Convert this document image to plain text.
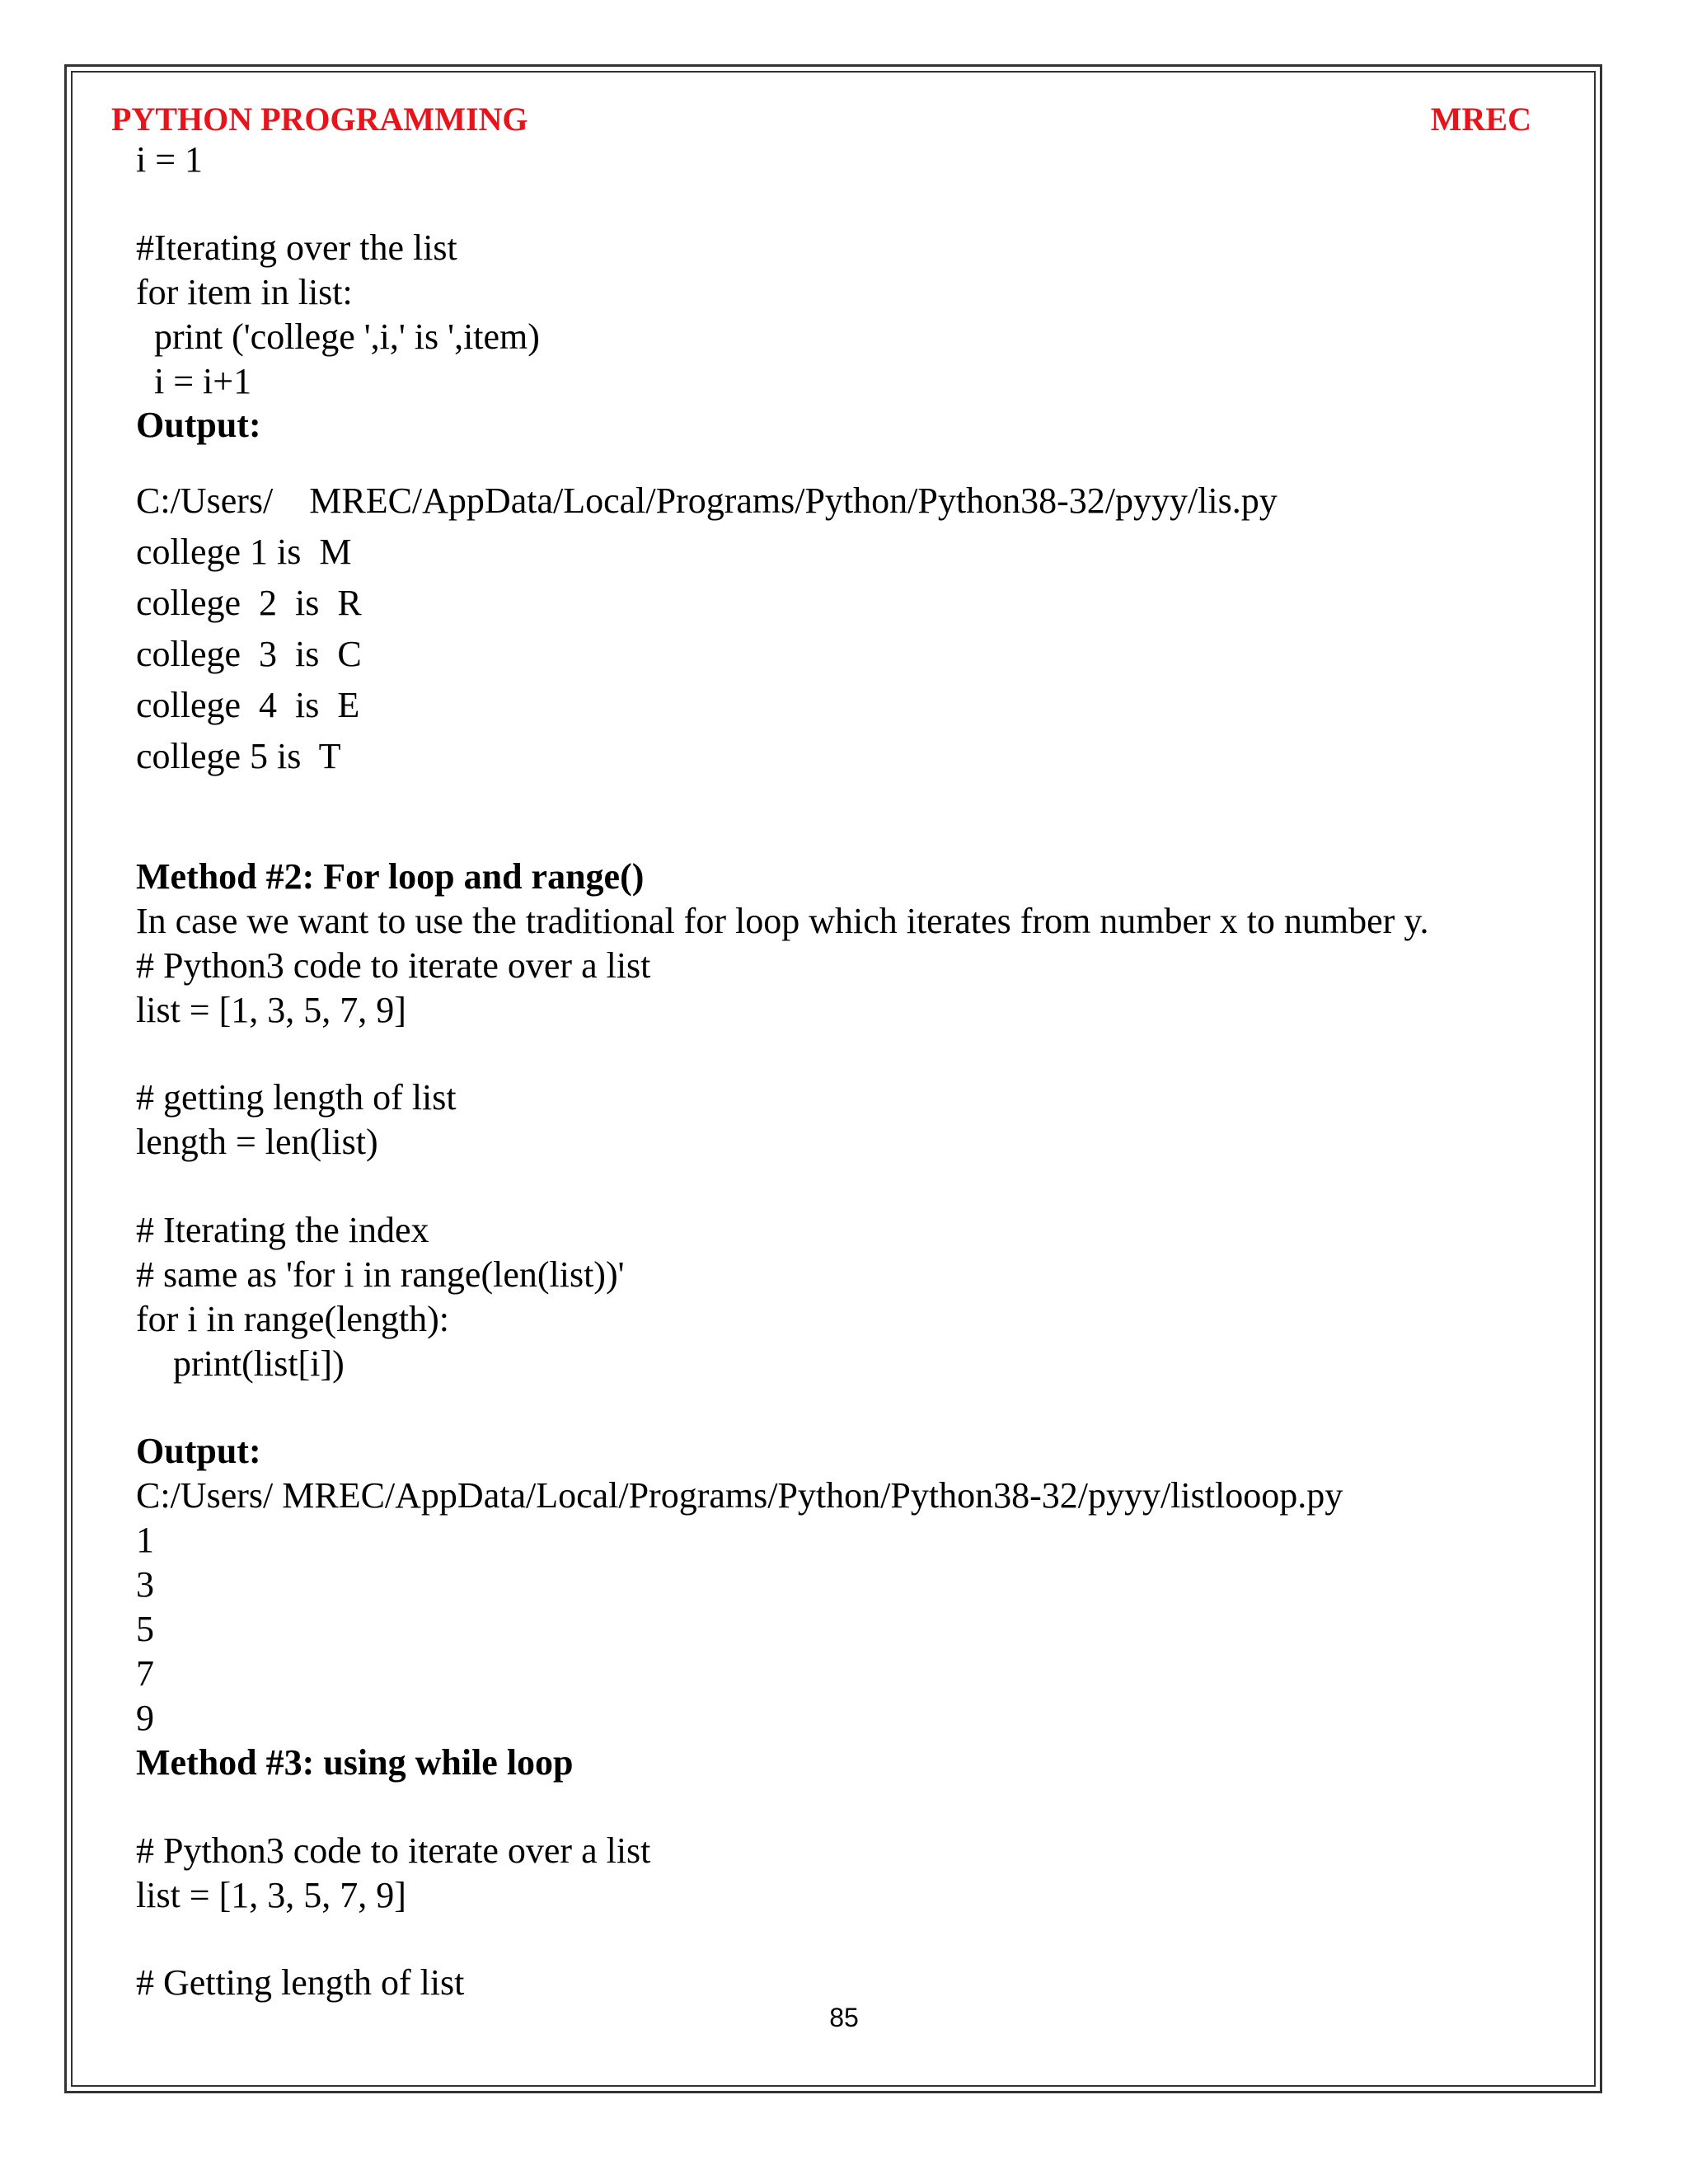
PYTHON PROGRAMMING	MREC
i = 1
#Iterating over the list
for item in list:
print ('college ',i,' is ',item)
i = i+1
Output:
C:/Users/    MREC/AppData/Local/Programs/Python/Python38-32/pyyy/lis.py
college 1 is  M
college  2  is  R
college  3  is  C
college  4  is  E
college 5 is  T
Method #2: For loop and range()
In case we want to use the traditional for loop which iterates from number x to number y.
# Python3 code to iterate over a list
list = [1, 3, 5, 7, 9]
# getting length of list
length = len(list)
# Iterating the index
# same as 'for i in range(len(list))'
for i in range(length):
print(list[i])
Output:
C:/Users/ MREC/AppData/Local/Programs/Python/Python38-32/pyyy/listlooop.py
1
3
5
7
9
Method #3: using while loop
# Python3 code to iterate over a list
list = [1, 3, 5, 7, 9]
# Getting length of list
85
